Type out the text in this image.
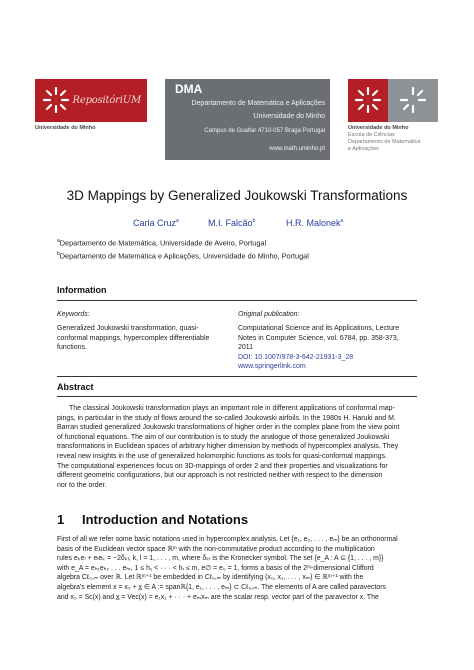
RepositóriUM
Universidade do Minho
DMA
Departamento de Matemática e Aplicações
Universidade do Minho
Campus de Gualtar 4710-057 Braga Portugal
www.math.uminho.pt
Universidade do Minho
Escola de Ciências
Departamento de Matemática
e Aplicações
3D Mappings by Generalized Joukowski Transformations
Carla Cruz$^a$	M.I. Falcão$^b$	H.R. Malonek$^a$
$^a$Departamento de Matemática, Universidade de Aveiro, Portugal
$^b$Departamento de Matemática e Aplicações, Universidade do Minho, Portugal
Information
Keywords:
Generalized Joukowski transformation, quasi-
conformal mappings, hypercomplex differentiable
functions.
Original publication:
Computational Science and its Applications, Lecture
Notes in Computer Science, vol. 6784, pp. 358-373,
2011
DOI: 10.1007/978-3-642-21931-3_28
www.springerlink.com
Abstract
The classical Joukowski transformation plays an important role in different applications of conformal map-
pings, in particular in the study of flows around the so-called Joukowski airfoils. In the 1980s H. Haruki and M.
Barran studied generalized Joukowski transformations of higher order in the complex plane from the view point
of functional equations. The aim of our contribution is to study the analogue of those generalized Joukowski
transformations in Euclidean spaces of arbitrary higher dimension by methods of hypercomplex analysis. They
reveal new insights in the use of generalized holomorphic functions as tools for quasi-conformal mappings.
The computational experiences focus on 3D-mappings of order 2 and their properties and visualizations for
different geometric configurations, but our approach is not restricted neither with respect to the dimension
nor to the order.
1 Introduction and Notations
First of all we refer some basic notations used in hypercomplex analysis. Let {e₁, e₂, . . . , eₘ} be an orthonormal
basis of the Euclidean vector space ℝᵐ with the non-commutative product according to the multiplication
rules eₖeₗ + eₗeₖ = −2δₖₗ, k, l = 1, . . . , m, where δₖₗ is the Kronecker symbol. The set {e_A : A ⊆ {1, . . . , m}}
with e_A = eₕ₁eₕ₂ . . . eₕᵣ, 1 ≤ h₁ < · · · < hᵣ ≤ m, e∅ = e₀ = 1, forms a basis of the 2ᵐ-dimensional Clifford
algebra Cℓ₀,ₘ over ℝ. Let ℝᵐ⁺¹ be embedded in Cℓ₀,ₘ by identifying (x₀, x₁, . . . , xₘ) ∈ ℝᵐ⁺¹ with the
algebra's element x = x₀ + x̲ ∈ A := spanℝ{1, e₁, . . . , eₘ} ⊂ Cℓ₀,ₘ. The elements of A are called paravectors
and x₀ = Sc(x) and x̲ = Vec(x) = e₁x₁ + · · · + eₘxₘ are the scalar resp. vector part of the paravector x. The
